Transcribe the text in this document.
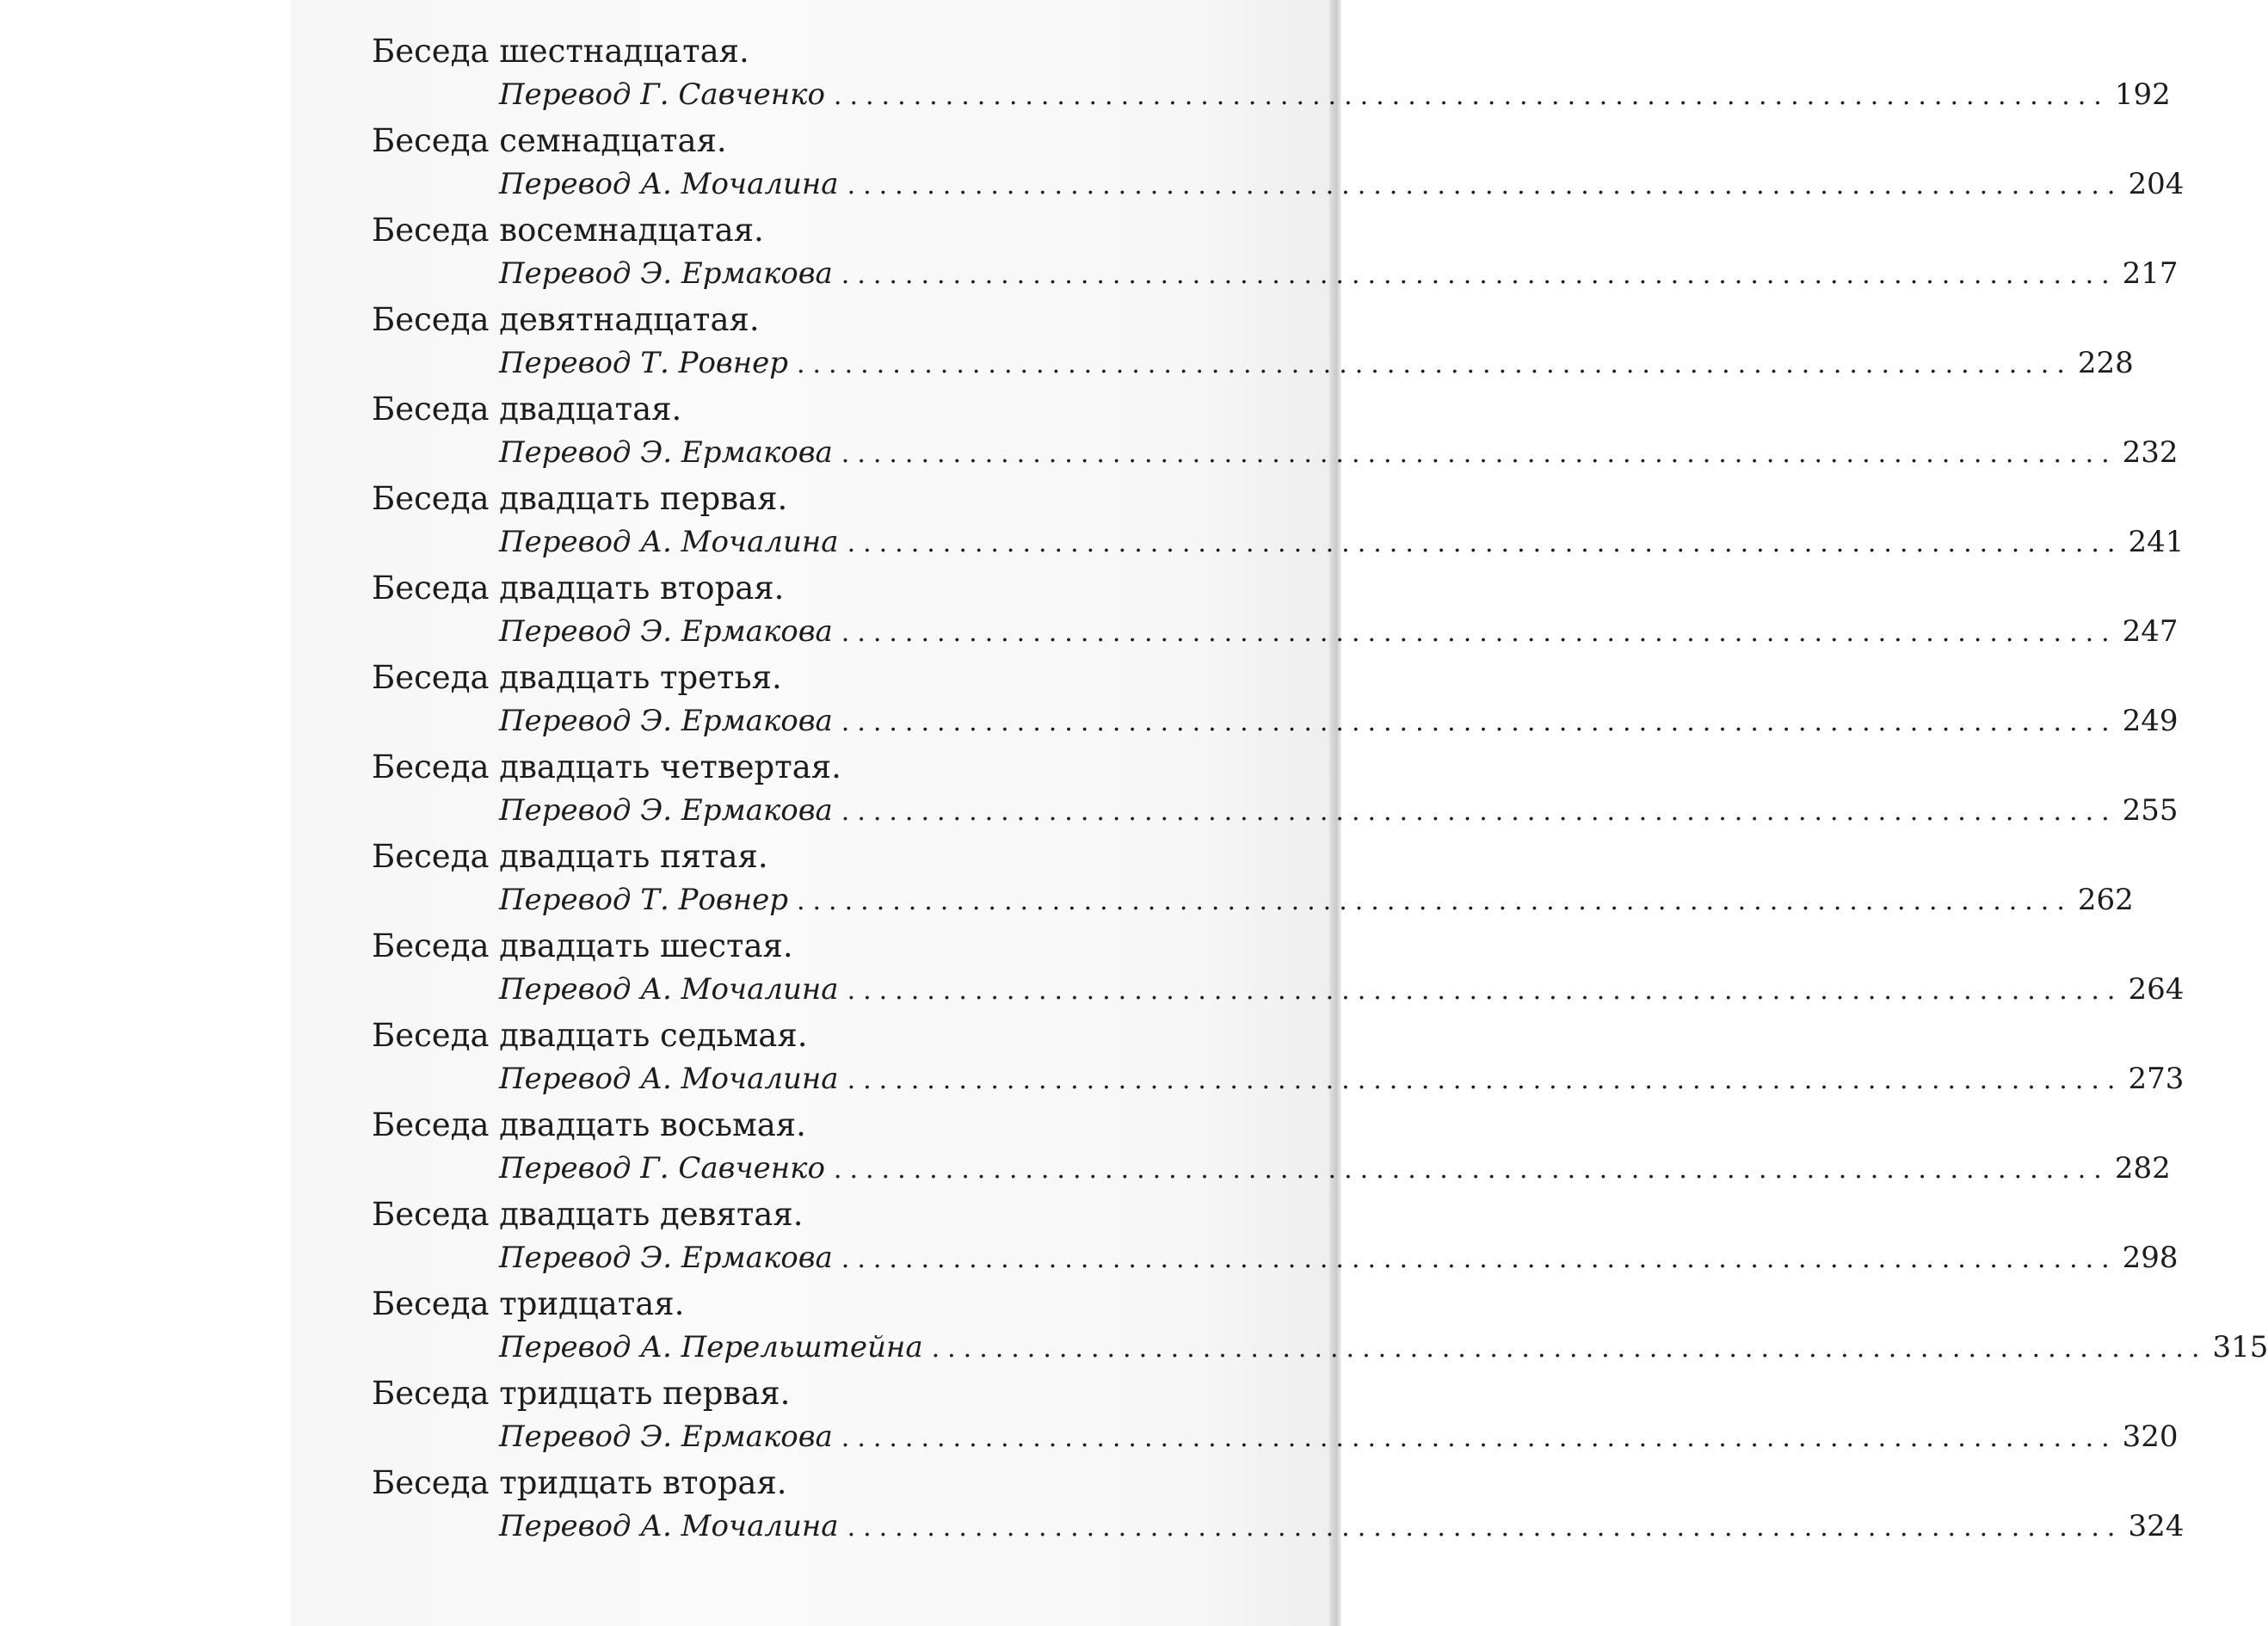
Беседа шестнадцатая.
Перевод Г. Савченко ................................................................................ 192
Беседа семнадцатая.
Перевод А. Мочалина ................................................................................ 204
Беседа восемнадцатая.
Перевод Э. Ермакова ................................................................................ 217
Беседа девятнадцатая.
Перевод Т. Ровнер ................................................................................ 228
Беседа двадцатая.
Перевод Э. Ермакова ................................................................................ 232
Беседа двадцать первая.
Перевод А. Мочалина ................................................................................ 241
Беседа двадцать вторая.
Перевод Э. Ермакова ................................................................................ 247
Беседа двадцать третья.
Перевод Э. Ермакова ................................................................................ 249
Беседа двадцать четвертая.
Перевод Э. Ермакова ................................................................................ 255
Беседа двадцать пятая.
Перевод Т. Ровнер ................................................................................ 262
Беседа двадцать шестая.
Перевод А. Мочалина ................................................................................ 264
Беседа двадцать седьмая.
Перевод А. Мочалина ................................................................................ 273
Беседа двадцать восьмая.
Перевод Г. Савченко ................................................................................ 282
Беседа двадцать девятая.
Перевод Э. Ермакова ................................................................................ 298
Беседа тридцатая.
Перевод А. Перельштейна ................................................................................ 315
Беседа тридцать первая.
Перевод Э. Ермакова ................................................................................ 320
Беседа тридцать вторая.
Перевод А. Мочалина ................................................................................ 324
